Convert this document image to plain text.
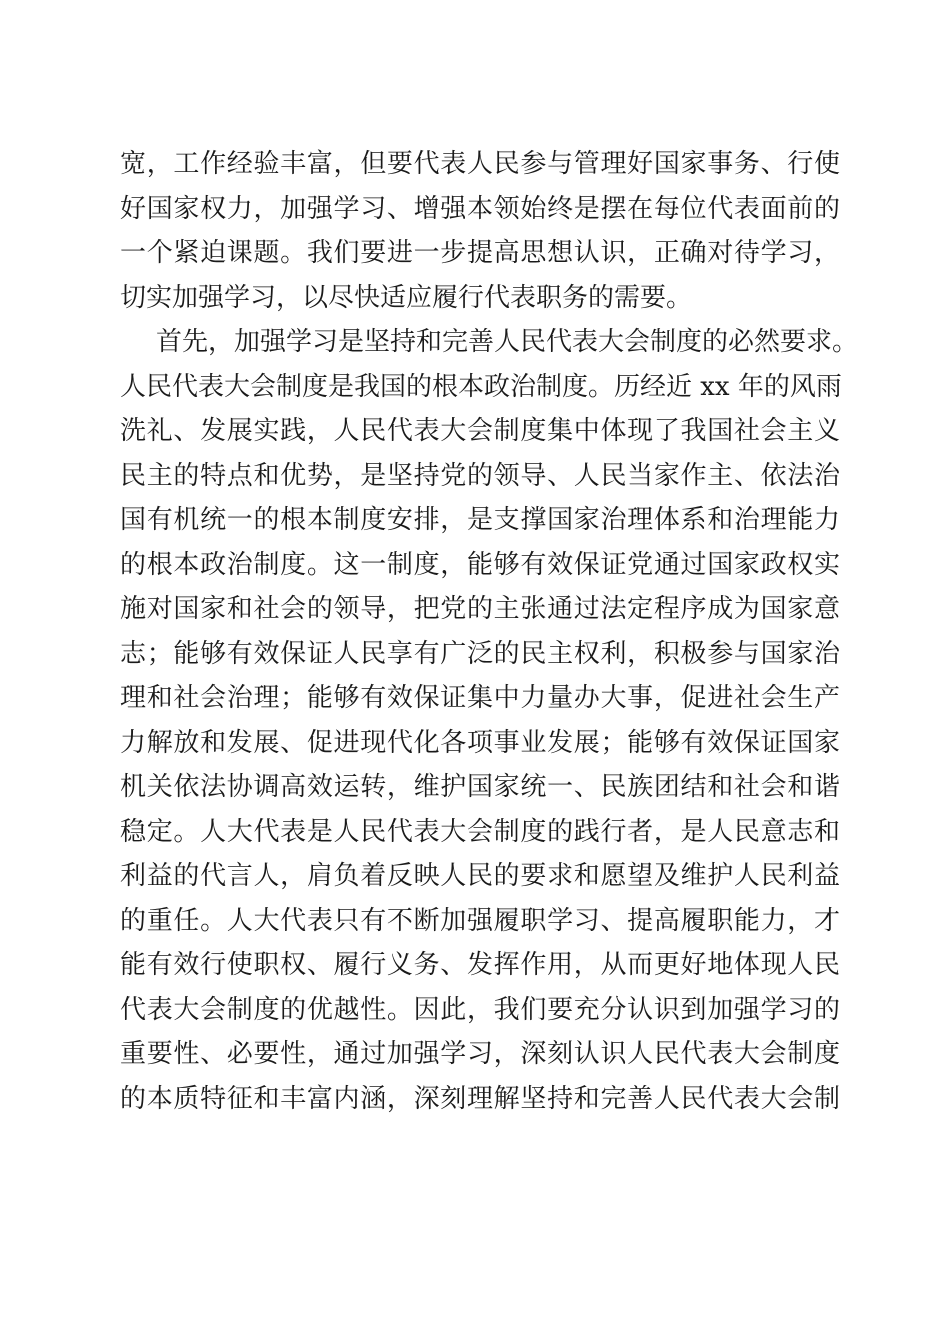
宽，工作经验丰富，但要代表人民参与管理好国家事务、行使
好国家权力，加强学习、增强本领始终是摆在每位代表面前的
一个紧迫课题。我们要进一步提高思想认识，正确对待学习，
切实加强学习，以尽快适应履行代表职务的需要。
首先，加强学习是坚持和完善人民代表大会制度的必然要求。
人民代表大会制度是我国的根本政治制度。历经近 xx 年的风雨
洗礼、发展实践，人民代表大会制度集中体现了我国社会主义
民主的特点和优势，是坚持党的领导、人民当家作主、依法治
国有机统一的根本制度安排，是支撑国家治理体系和治理能力
的根本政治制度。这一制度，能够有效保证党通过国家政权实
施对国家和社会的领导，把党的主张通过法定程序成为国家意
志；能够有效保证人民享有广泛的民主权利，积极参与国家治
理和社会治理；能够有效保证集中力量办大事，促进社会生产
力解放和发展、促进现代化各项事业发展；能够有效保证国家
机关依法协调高效运转，维护国家统一、民族团结和社会和谐
稳定。人大代表是人民代表大会制度的践行者，是人民意志和
利益的代言人，肩负着反映人民的要求和愿望及维护人民利益
的重任。人大代表只有不断加强履职学习、提高履职能力，才
能有效行使职权、履行义务、发挥作用，从而更好地体现人民
代表大会制度的优越性。因此，我们要充分认识到加强学习的
重要性、必要性，通过加强学习，深刻认识人民代表大会制度
的本质特征和丰富内涵，深刻理解坚持和完善人民代表大会制
